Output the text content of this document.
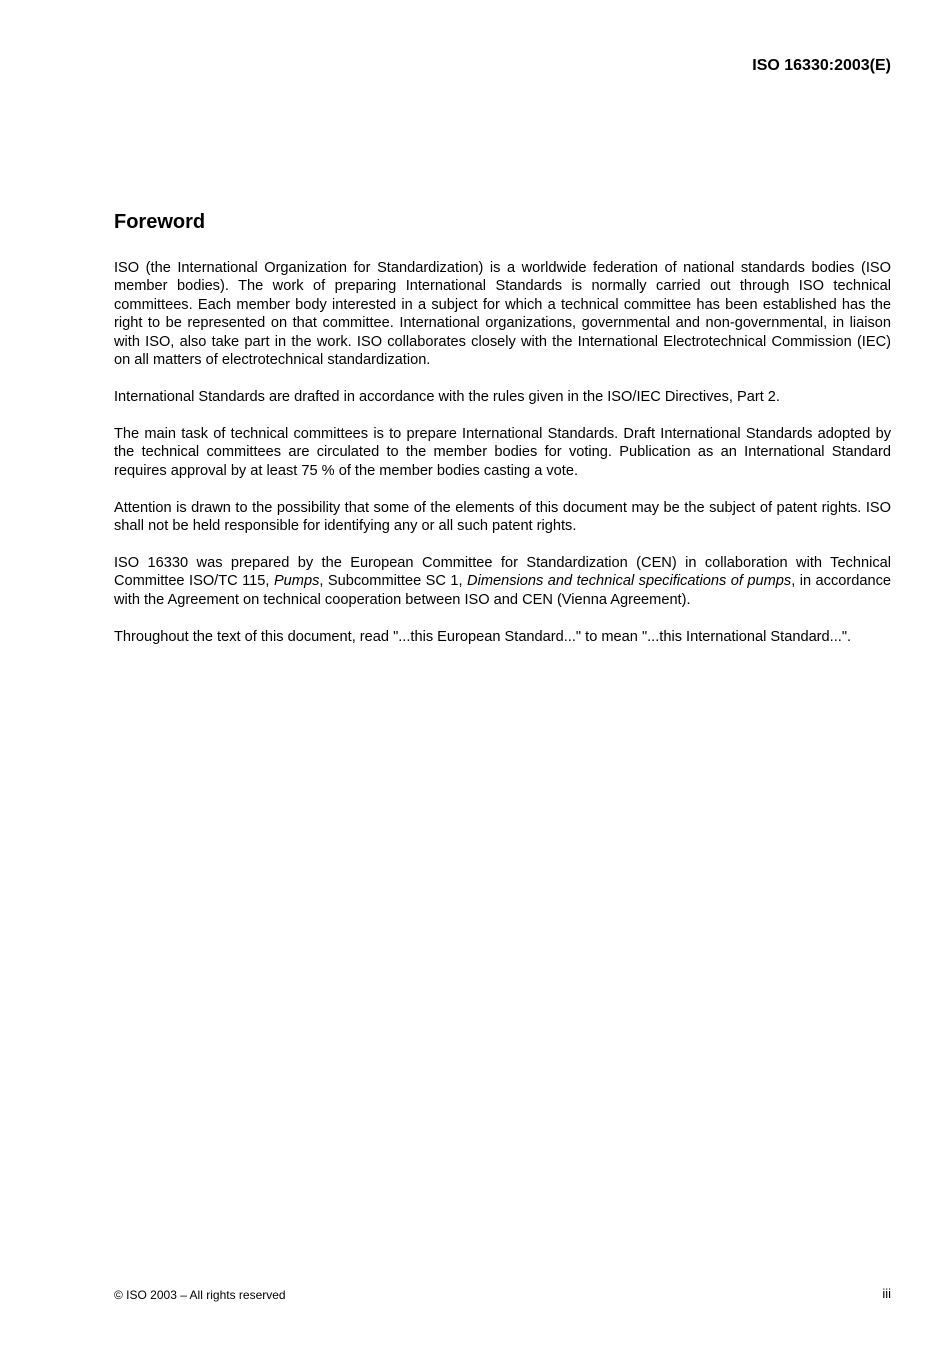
ISO 16330:2003(E)
Foreword

ISO (the International Organization for Standardization) is a worldwide federation of national standards bodies (ISO member bodies). The work of preparing International Standards is normally carried out through ISO technical committees. Each member body interested in a subject for which a technical committee has been established has the right to be represented on that committee. International organizations, governmental and non-governmental, in liaison with ISO, also take part in the work. ISO collaborates closely with the International Electrotechnical Commission (IEC) on all matters of electrotechnical standardization.

International Standards are drafted in accordance with the rules given in the ISO/IEC Directives, Part 2.

The main task of technical committees is to prepare International Standards. Draft International Standards adopted by the technical committees are circulated to the member bodies for voting. Publication as an International Standard requires approval by at least 75 % of the member bodies casting a vote.

Attention is drawn to the possibility that some of the elements of this document may be the subject of patent rights. ISO shall not be held responsible for identifying any or all such patent rights.

ISO 16330 was prepared by the European Committee for Standardization (CEN) in collaboration with Technical Committee ISO/TC 115, Pumps, Subcommittee SC 1, Dimensions and technical specifications of pumps, in accordance with the Agreement on technical cooperation between ISO and CEN (Vienna Agreement).

Throughout the text of this document, read "...this European Standard..." to mean "...this International Standard...".

© ISO 2003 – All rights reserved	iii
